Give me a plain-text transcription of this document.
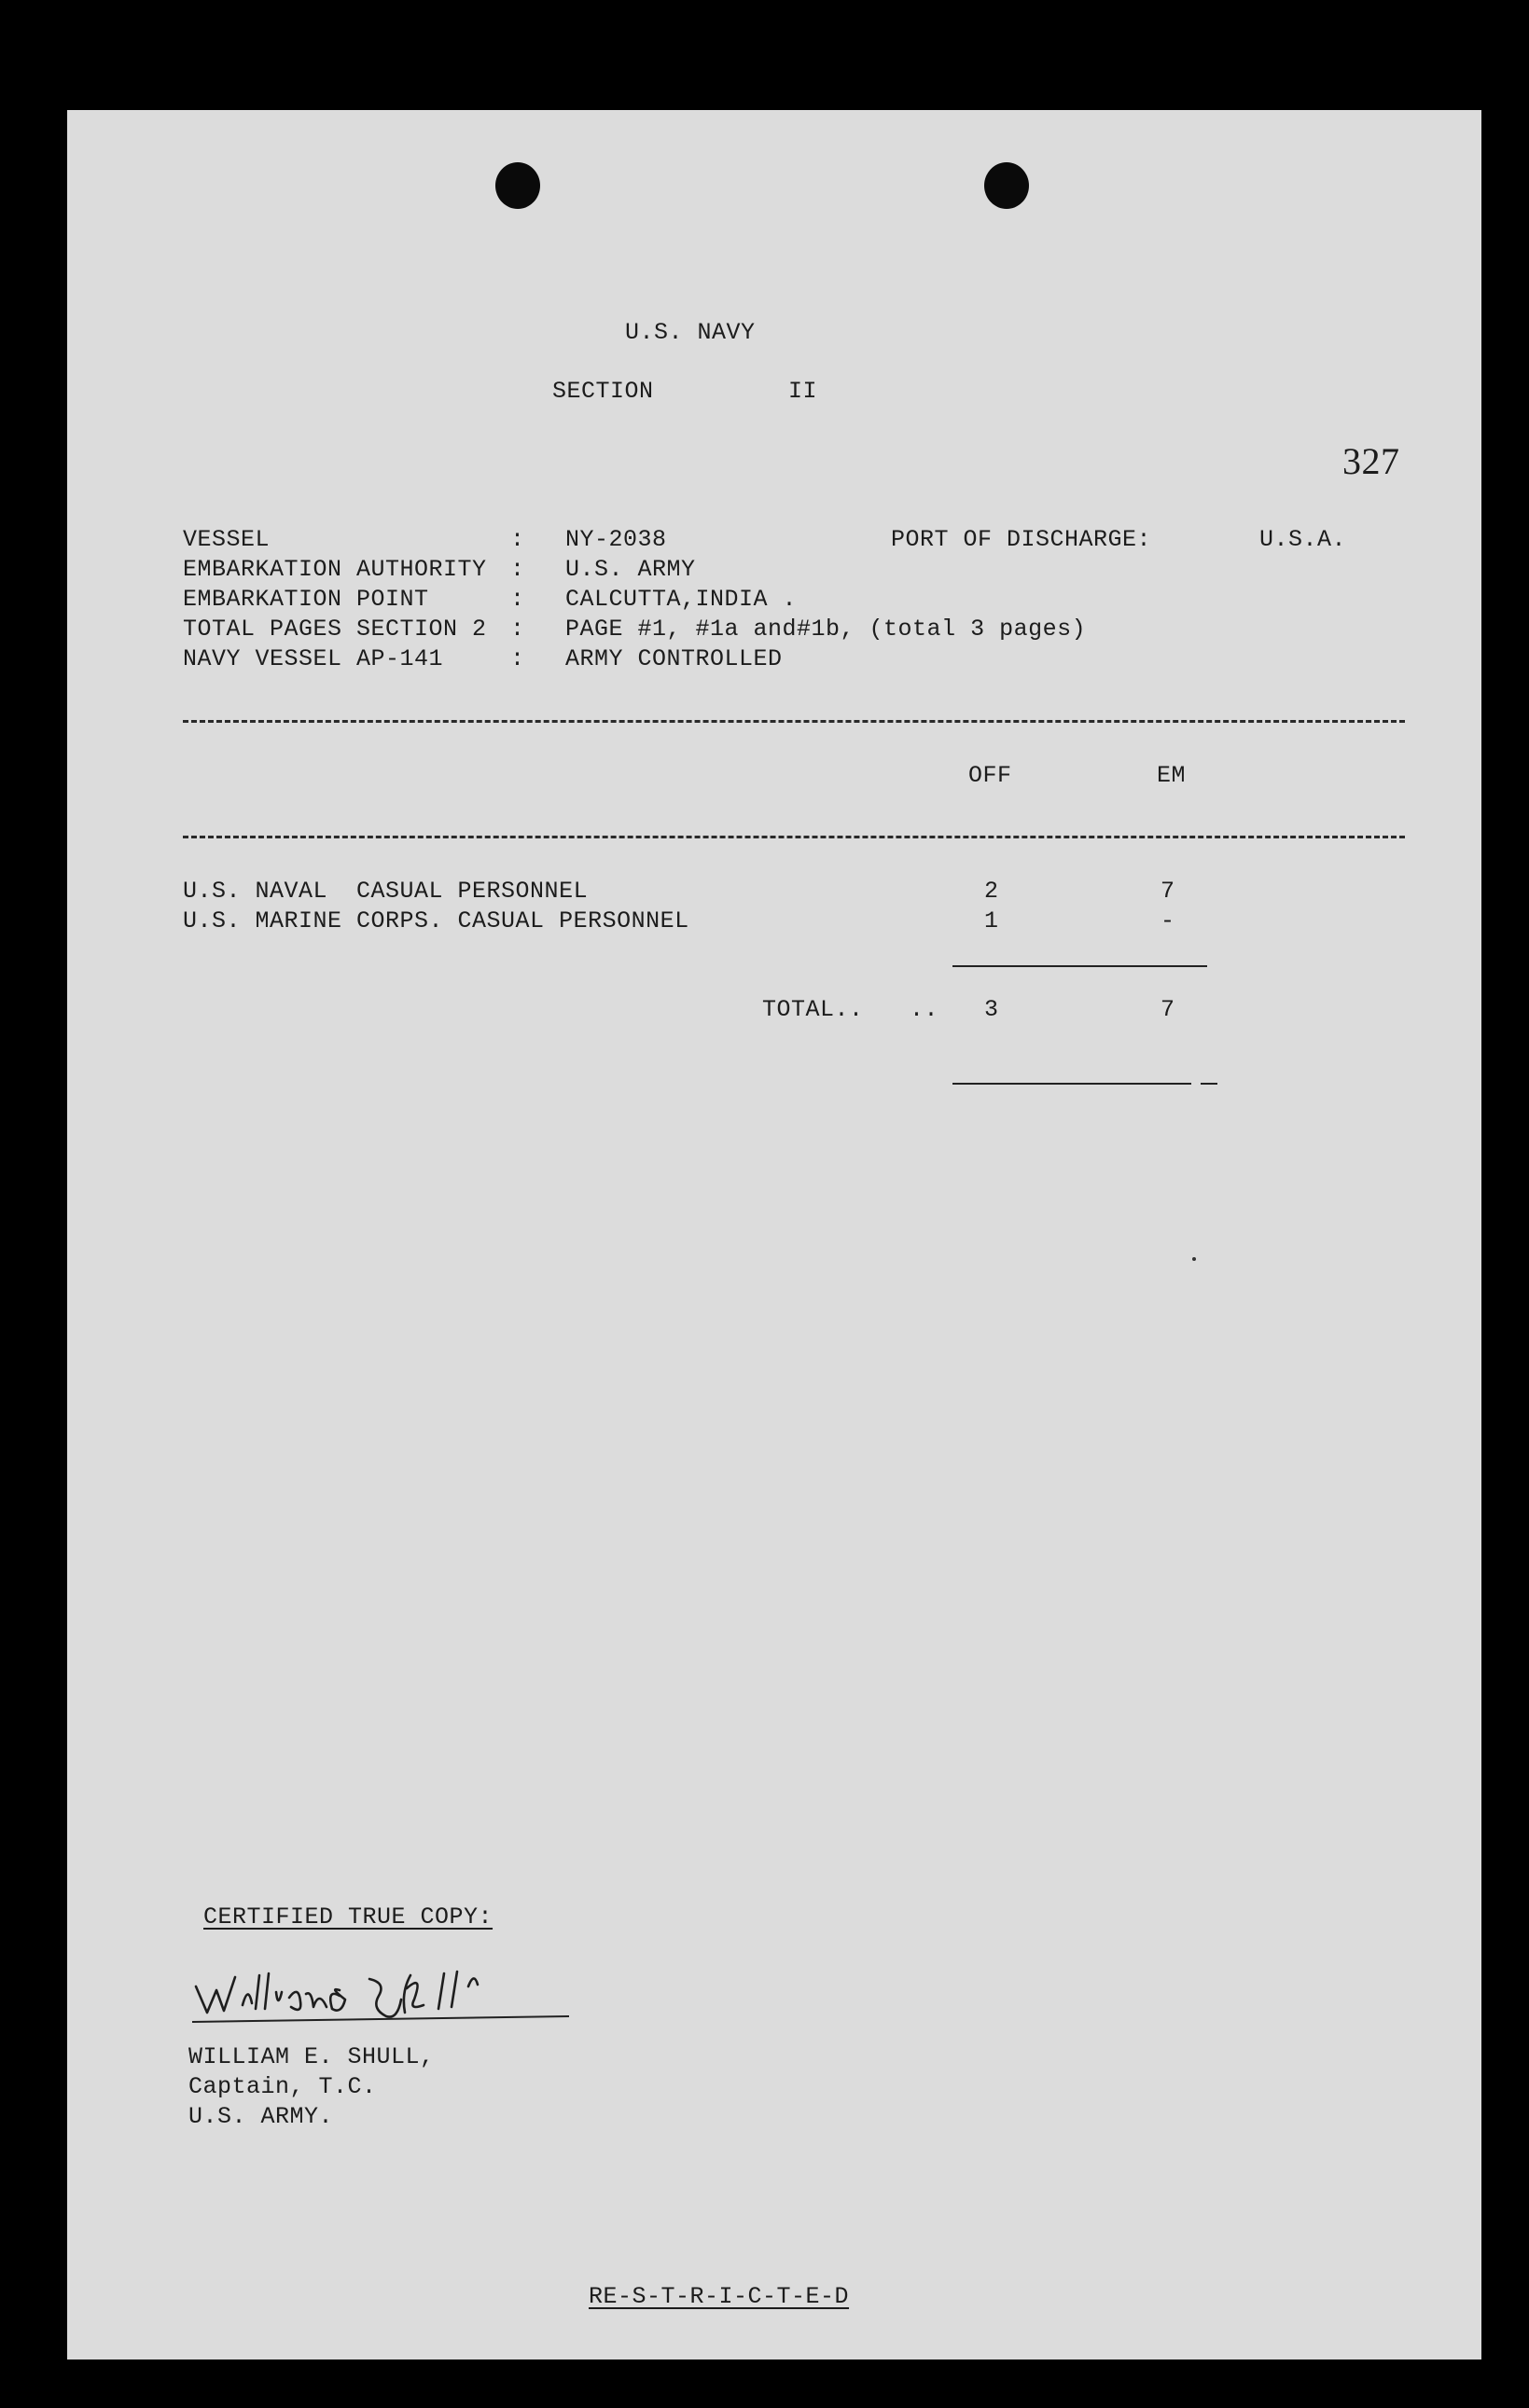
U.S. NAVY
SECTION	II
327
VESSEL	: NY-2038
EMBARKATION AUTHORITY : U.S. ARMY
EMBARKATION POINT	: CALCUTTA,INDIA .
TOTAL PAGES SECTION 2 : PAGE #1, #1a and#1b, (total 3 pages)
NAVY VESSEL AP-141	: ARMY CONTROLLED
PORT OF DISCHARGE:	U.S.A.
OFF	EM
U.S. NAVAL  CASUAL PERSONNEL	2	7
U.S. MARINE CORPS. CASUAL PERSONNEL	1	-
TOTAL.. .. 3	7
CERTIFIED TRUE COPY:
WILLIAM E. SHULL,
Captain, T.C.
U.S. ARMY.
RE-S-T-R-I-C-T-E-D
